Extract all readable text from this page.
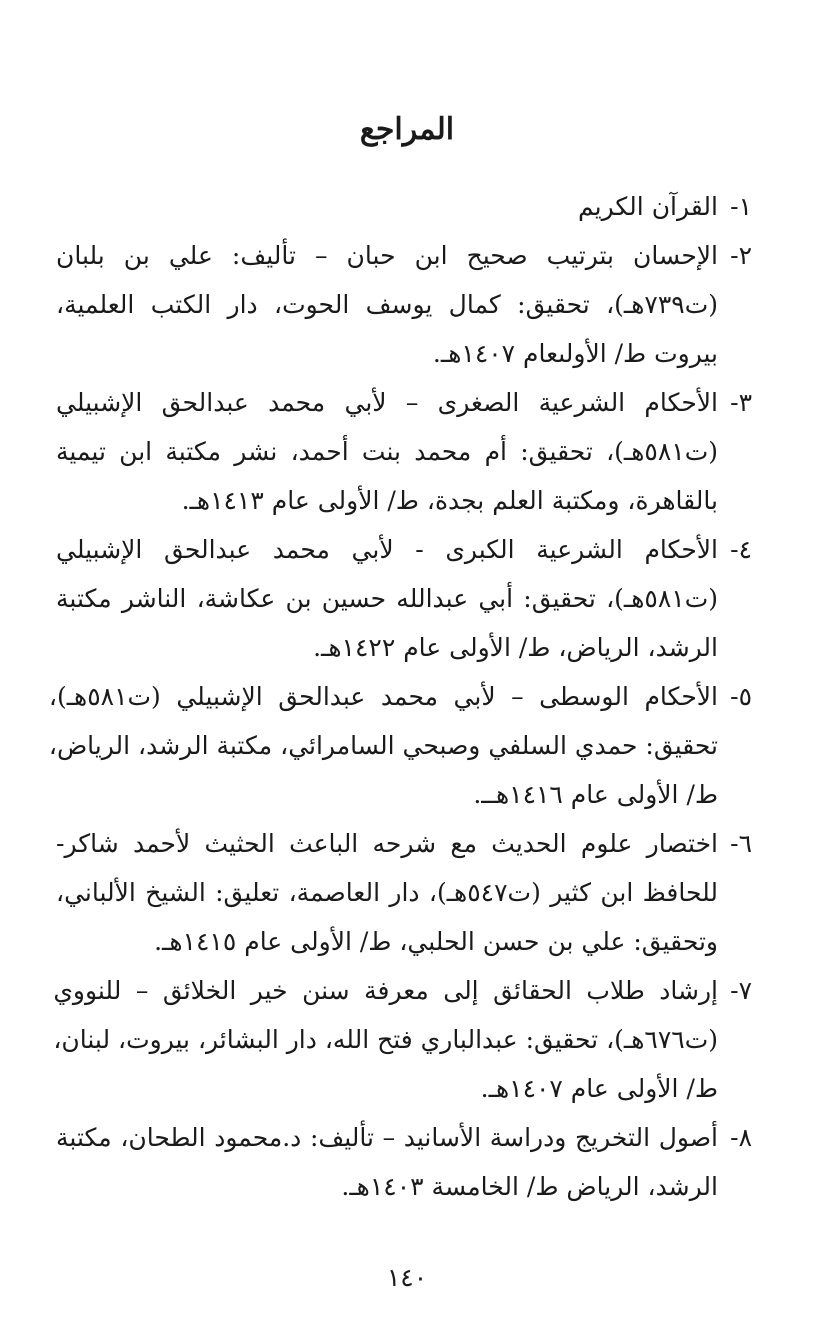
المراجع
١-
القرآن الكريم
٢-
الإحسان بترتيب صحيح ابن حبان – تأليف: علي بن بلبان
(ت٧٣٩هـ)، تحقيق: كمال يوسف الحوت، دار الكتب العلمية،
بيروت ط/ الأولىعام ١٤٠٧هـ.
٣-
الأحكام الشرعية الصغرى – لأبي محمد عبدالحق الإشبيلي
(ت٥٨١هـ)، تحقيق: أم محمد بنت أحمد، نشر مكتبة ابن تيمية
بالقاهرة، ومكتبة العلم بجدة، ط/ الأولى عام ١٤١٣هـ.
٤-
الأحكام الشرعية الكبرى - لأبي محمد عبدالحق الإشبيلي
(ت٥٨١هـ)، تحقيق: أبي عبدالله حسين بن عكاشة، الناشر مكتبة
الرشد، الرياض، ط/ الأولى عام ١٤٢٢هـ.
٥-
الأحكام الوسطى – لأبي محمد عبدالحق الإشبيلي (ت٥٨١هـ)،
تحقيق: حمدي السلفي وصبحي السامرائي، مكتبة الرشد، الرياض،
ط/ الأولى عام ١٤١٦هــ.
٦-
اختصار علوم الحديث مع شرحه الباعث الحثيث لأحمد شاكر-
للحافظ ابن كثير (ت٥٤٧هـ)، دار العاصمة، تعليق: الشيخ الألباني،
وتحقيق: علي بن حسن الحلبي، ط/ الأولى عام ١٤١٥هـ.
٧-
إرشاد طلاب الحقائق إلى معرفة سنن خير الخلائق – للنووي
(ت٦٧٦هـ)، تحقيق: عبدالباري فتح الله، دار البشائر، بيروت، لبنان،
ط/ الأولى عام ١٤٠٧هـ.
٨-
أصول التخريج ودراسة الأسانيد – تأليف: د.محمود الطحان، مكتبة
الرشد، الرياض ط/ الخامسة ١٤٠٣هـ.
١٤٠
